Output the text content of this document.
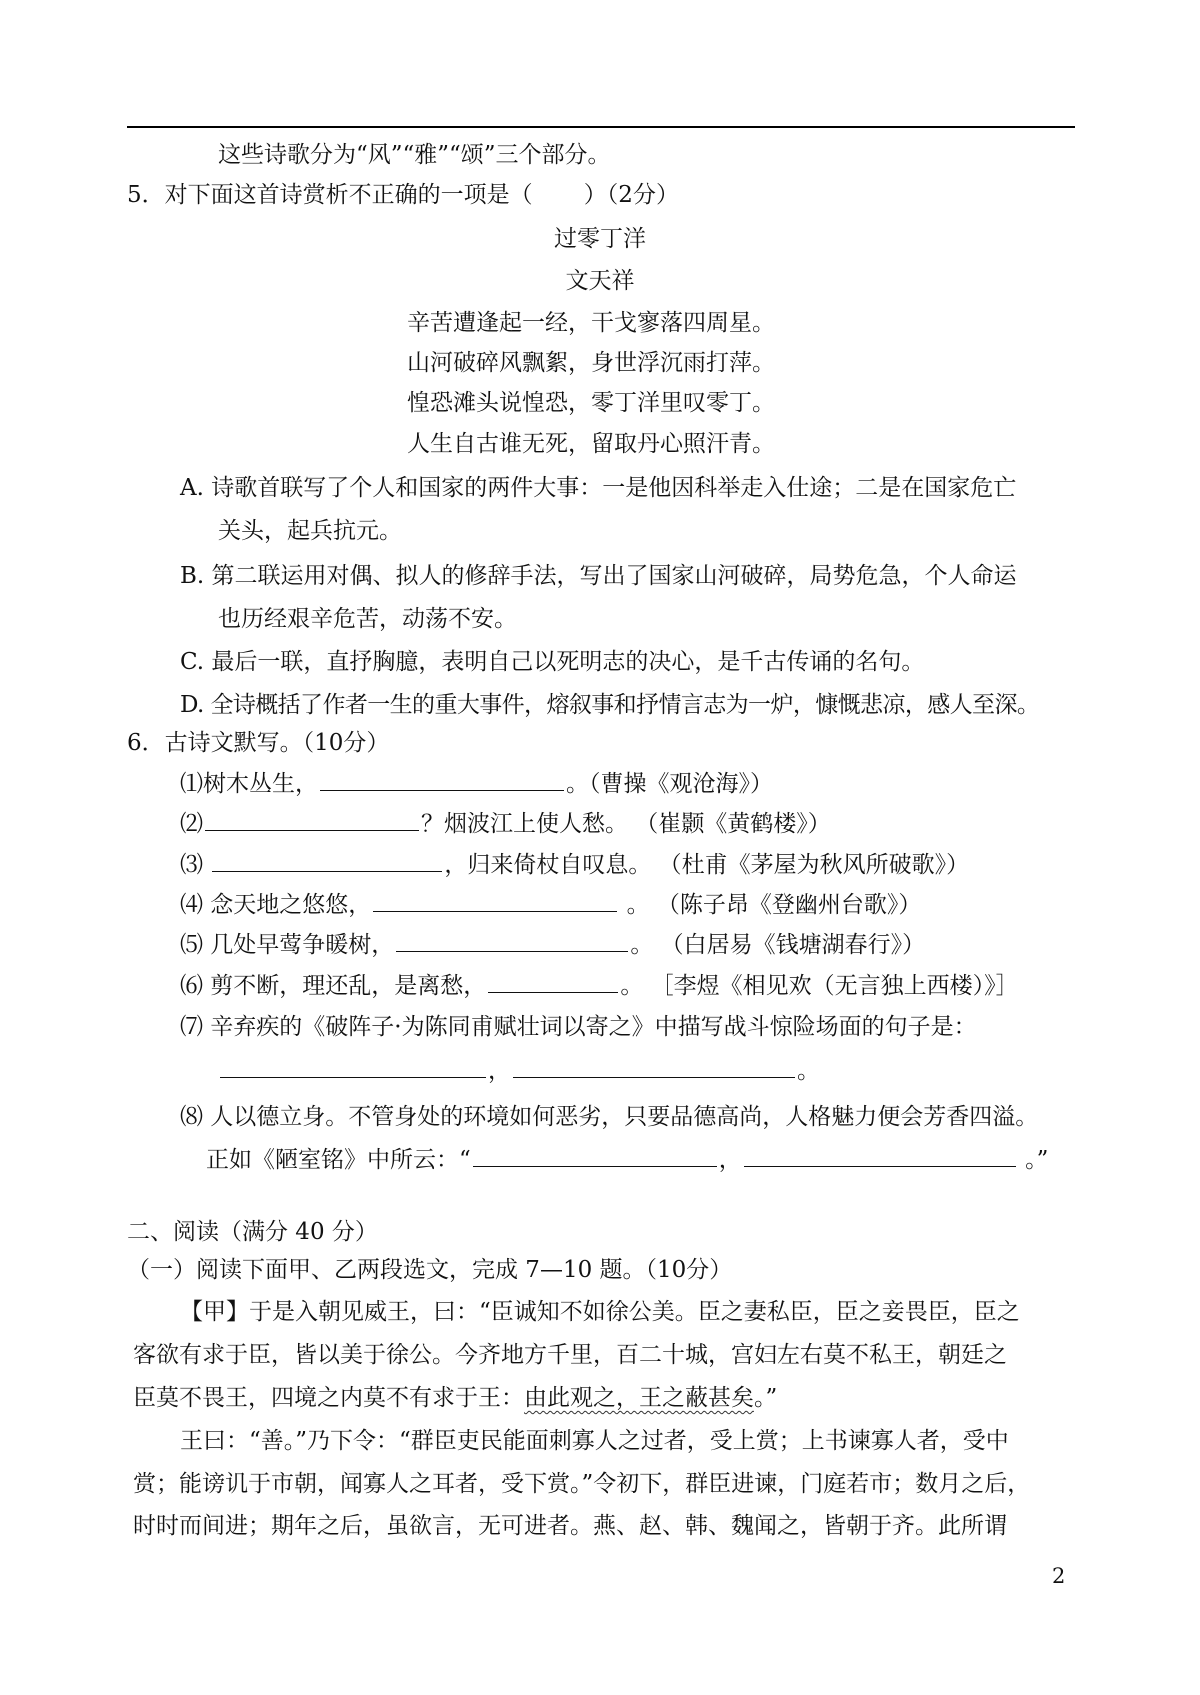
这些诗歌分为“风”“雅”“颂”三个部分。
5．对下面这首诗赏析不正确的一项是（       ）（2分）
过零丁洋
文天祥
辛苦遭逢起一经，干戈寥落四周星。
山河破碎风飘絮，身世浮沉雨打萍。
惶恐滩头说惶恐，零丁洋里叹零丁。
人生自古谁无死，留取丹心照汗青。
A. 诗歌首联写了个人和国家的两件大事：一是他因科举走入仕途；二是在国家危亡
关头，起兵抗元。
B. 第二联运用对偶、拟人的修辞手法，写出了国家山河破碎，局势危急，个人命运
也历经艰辛危苦，动荡不安。
C. 最后一联，直抒胸臆，表明自己以死明志的决心，是千古传诵的名句。
D. 全诗概括了作者一生的重大事件，熔叙事和抒情言志为一炉，慷慨悲凉，感人至深。
6．古诗文默写。（10分）
⑴树木丛生，	。（曹操《观沧海》）
⑵	？烟波江上使人愁。 （崔颢《黄鹤楼》）
⑶	，归来倚杖自叹息。 （杜甫《茅屋为秋风所破歌》）
⑷ 念天地之悠悠，	。 （陈子昂《登幽州台歌》）
⑸ 几处早莺争暖树，	。 （白居易《钱塘湖春行》）
⑹ 剪不断，理还乱，是离愁，	。 ［李煜《相见欢（无言独上西楼）》］
⑺ 辛弃疾的《破阵子·为陈同甫赋壮词以寄之》中描写战斗惊险场面的句子是：
，	。
⑻ 人以德立身。不管身处的环境如何恶劣，只要品德高尚，人格魅力便会芳香四溢。
正如《陋室铭》中所云：“	，	。”
二、阅读（满分 40 分）
（一）阅读下面甲、乙两段选文，完成 7—10 题。（10分）
【甲】于是入朝见威王，曰：“臣诚知不如徐公美。臣之妻私臣，臣之妾畏臣，臣之
客欲有求于臣，皆以美于徐公。今齐地方千里，百二十城，宫妇左右莫不私王，朝廷之
臣莫不畏王，四境之内莫不有求于王：由此观之，王之蔽甚矣。”
王曰：“善。”乃下令：“群臣吏民能面刺寡人之过者，受上赏；上书谏寡人者，受中
赏；能谤讥于市朝，闻寡人之耳者，受下赏。”令初下，群臣进谏，门庭若市；数月之后，
时时而间进；期年之后，虽欲言，无可进者。燕、赵、韩、魏闻之，皆朝于齐。此所谓
2
